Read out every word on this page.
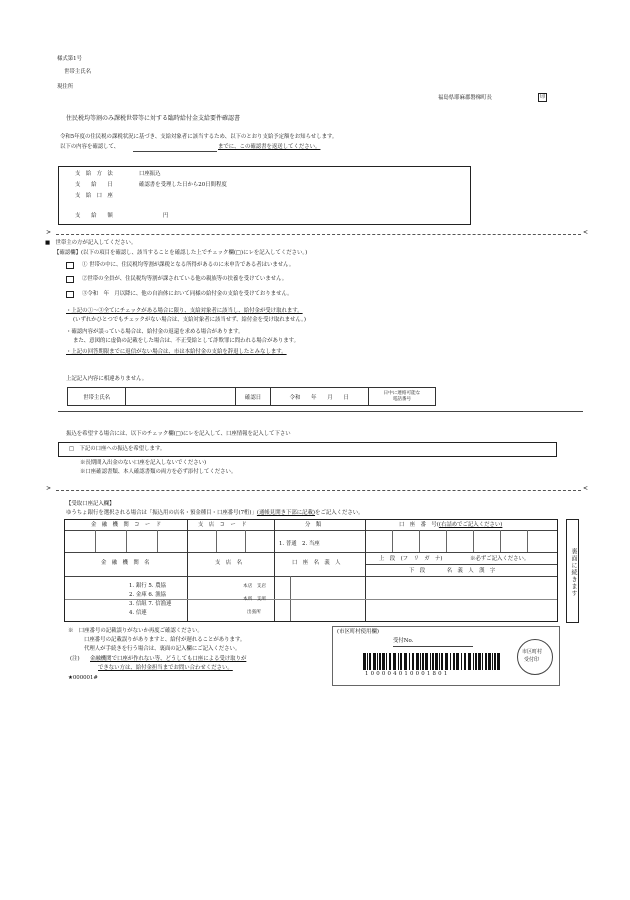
様式第1号
世帯主氏名
現住所
福島県耶麻郡磐梯町長	印
住民税均等割のみ課税世帯等に対する臨時給付金支給要件確認書
令和5年度の住民税の課税状況に基づき、支給対象者に該当するため、以下のとおり支給予定額をお知らせします。
以下の内容を確認して、	までに、この確認書を返送してください。
支　給　方　法	口座振込
支　　給　　日	確認書を受理した日から20日間程度
支　給　口　座
支　　給　　額	円
>	<
■　世帯主の方が記入してください。
【確認欄】(以下の項目を確認し、該当することを確認した上でチェック欄(□)にレを記入してください。)
① 世帯の中に、住民税均等割が課税となる所得があるのに未申告である者はいません。
②世帯の全員が、住民税均等割が課されている他の親族等の扶養を受けていません。
③令和　年　月以降に、他の自治体において同様の給付金の支給を受けておりません。
・上記の①～③全てにチェックがある場合に限り、支給対象者に該当し、給付金が受け取れます。
(いずれかひとつでもチェックがない場合は、支給対象者に該当せず、給付金を受け取れません。)
・確認内容が誤っている場合は、給付金の返還を求める場合があります。
また、意図的に虚偽の記載をした場合は、不正受給として詐欺罪に問われる場合があります。
・上記の回答期限までに返信がない場合は、市は本給付金の支給を辞退したとみなします。
上記記入内容に相違ありません。
世帯主氏名		確認日	令和　　年　　月　　日	日中に連絡可能な
電話番号
振込を希望する場合には、以下のチェック欄(□)にレを記入して、口座情報を記入して下さい
□　下記の口座への振込を希望します。
※長期間入出金のない口座を記入しないでください)
※口座確認書類、本人確認書類の両方を必ず添付してください。
>	<
【受取口座記入欄】
ゆうちょ銀行を選択される場合は「振込用の店名・預金種目・口座番号(7桁)」(通帳見開き下部に記載)をご記入ください。
金　融　機　関　コ　ー　ド	支　店　コ　ー　ド	分　類	口　座　番　号((右詰めでご記入ください)
1. 普通　2. 当座
金　融　機　関　名	支　店　名	口　座　名　義　人
上　段　(フ　リ　ガ　ナ)	※必ずご記入ください。
下　段　　　　名　義　人　漢　字
1. 銀行 5. 農協
2. 金庫 6. 漁協
3. 信組 7. 信漁連
4. 信連
本店　支店
本所　支所
出張所
裏面に続きます
※　口座番号の記載誤りがないか再度ご確認ください。
口座番号の記載誤りがありますと、給付が遅れることがあります。
代理人が手続きを行う場合は、裏面の記入欄にご記入ください。
(注) 金融機関で口座が作れない等、どうしても口座による受け取りが
できない方は、給付金担当までお問い合わせください。
★000001#
(市区町村使用欄)
受付No.
100004010001801
市区町村
受付印
